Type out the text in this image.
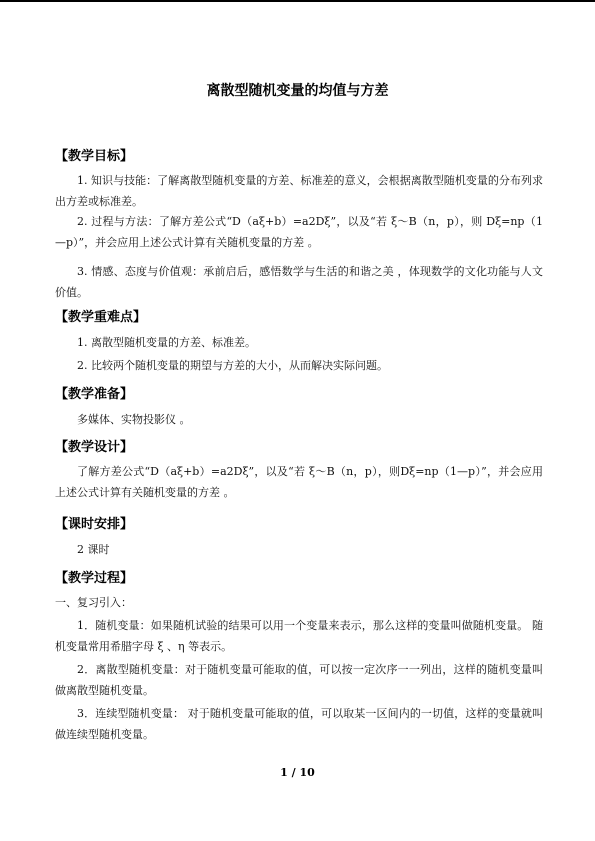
离散型随机变量的均值与方差
【教学目标】
1. 知识与技能：了解离散型随机变量的方差、标准差的意义，会根据离散型随机变量的分布列求出方差或标准差。
2. 过程与方法：了解方差公式“D（aξ+b）=a2Dξ”，以及“若 ξ～B（n，p），则 Dξ=np（1—p）”，并会应用上述公式计算有关随机变量的方差 。
3. 情感、态度与价值观：承前启后，感悟数学与生活的和谐之美 ，体现数学的文化功能与人文价值。
【教学重难点】
1. 离散型随机变量的方差、标准差。
2. 比较两个随机变量的期望与方差的大小，从而解决实际问题。
【教学准备】
多媒体、实物投影仪 。
【教学设计】
了解方差公式“D（aξ+b）=a2Dξ”，以及“若 ξ～B（n，p），则Dξ=np（1—p）”，并会应用上述公式计算有关随机变量的方差 。
【课时安排】
2 课时
【教学过程】
一、复习引入：
1．随机变量：如果随机试验的结果可以用一个变量来表示，那么这样的变量叫做随机变量。 随机变量常用希腊字母 ξ 、η 等表示。
2．离散型随机变量：对于随机变量可能取的值，可以按一定次序一一列出，这样的随机变量叫做离散型随机变量。
3．连续型随机变量： 对于随机变量可能取的值，可以取某一区间内的一切值，这样的变量就叫做连续型随机变量。
1 / 10
